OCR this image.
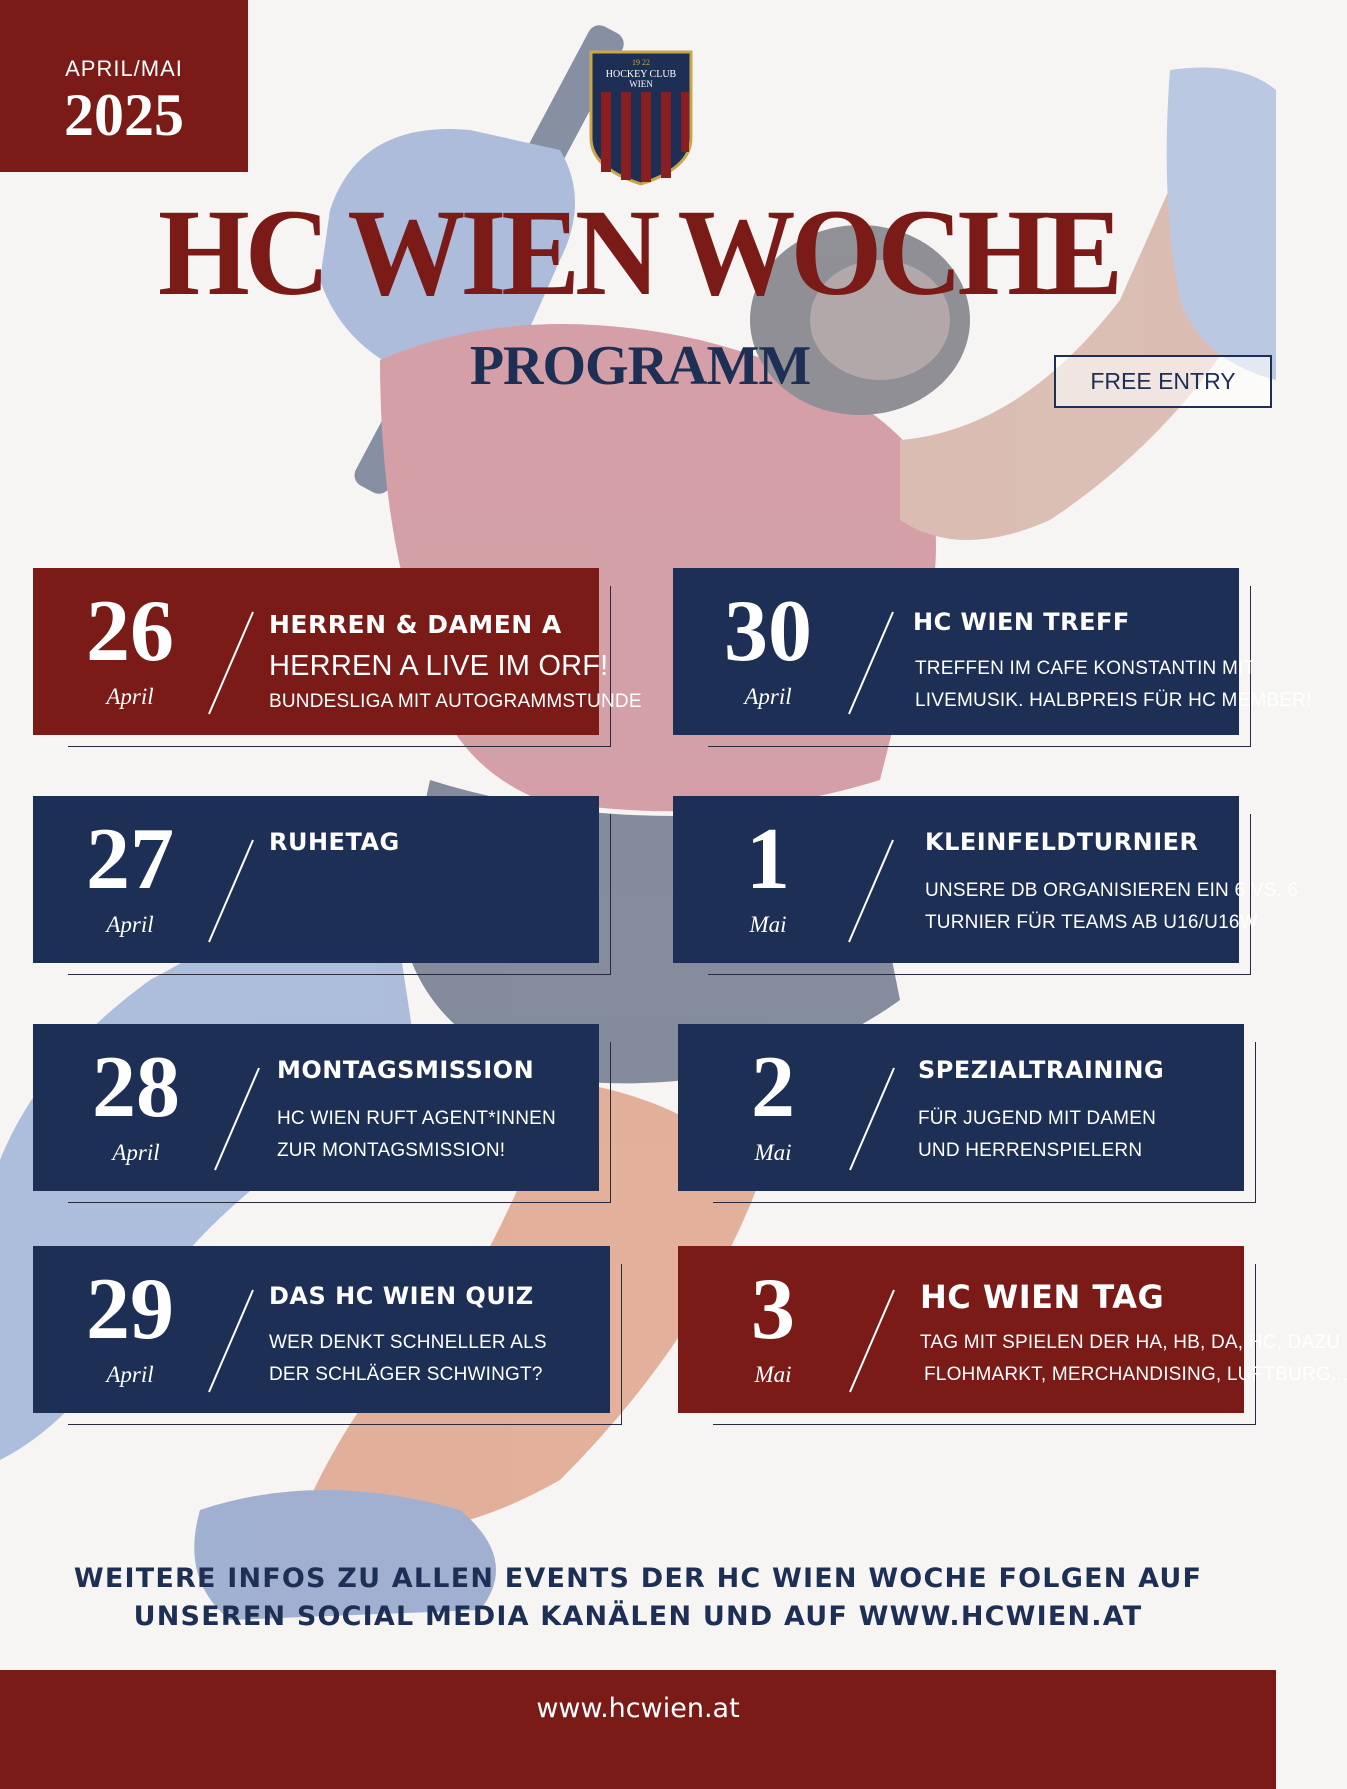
APRIL/MAI
2025
19 22
HOCKEY CLUB
WIEN
HC WIEN WOCHE
PROGRAMM	FREE ENTRY
26
April
HERREN & DAMEN A
HERREN A LIVE IM ORF!
BUNDESLIGA MIT AUTOGRAMMSTUNDE
30
April
HC WIEN TREFF
TREFFEN IM CAFE KONSTANTIN MIT
LIVEMUSIK. HALBPREIS FÜR HC MEMBER!
27
April
RUHETAG	1
Mai
KLEINFELDTURNIER
UNSERE DB ORGANISIEREN EIN 6 VS. 6
TURNIER FÜR TEAMS AB U16/U16W
28
April
MONTAGSMISSION
HC WIEN RUFT AGENT*INNEN
ZUR MONTAGSMISSION!
2
Mai
SPEZIALTRAINING
FÜR JUGEND MIT DAMEN
UND HERRENSPIELERN
29
April
DAS HC WIEN QUIZ
WER DENKT SCHNELLER ALS
DER SCHLÄGER SCHWINGT?
3
Mai
HC WIEN TAG
TAG MIT SPIELEN DER HA, HB, DA, HC, DAZU
FLOHMARKT, MERCHANDISING, LUFTBURG...
WEITERE INFOS ZU ALLEN EVENTS DER HC WIEN WOCHE FOLGEN AUF
UNSEREN SOCIAL MEDIA KANÄLEN UND AUF WWW.HCWIEN.AT
www.hcwien.at
